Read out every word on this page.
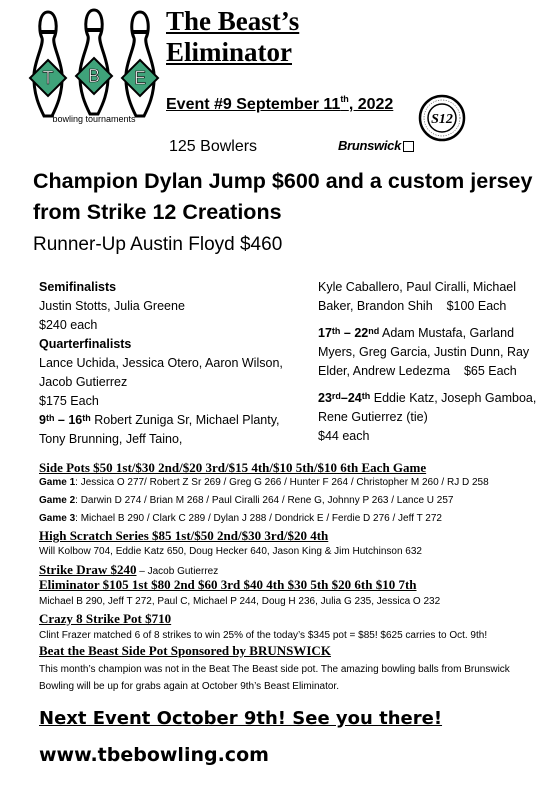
T B E
bowling tournaments
The Beast’s
Eliminator
Event #9 September 11th, 2022
S12
125 Bowlers	Brunswick
Champion Dylan Jump $600 and a custom jersey from Strike 12 Creations
Runner-Up Austin Floyd $460
Semifinalists
Justin Stotts, Julia Greene
$240 each
Quarterfinalists
Lance Uchida, Jessica Otero, Aaron Wilson, Jacob Gutierrez
$175 Each
9th – 16th Robert Zuniga Sr, Michael Planty, Tony Brunning, Jeff Taino,
Kyle Caballero, Paul Ciralli, Michael Baker, Brandon Shih $100 Each
17th – 22nd Adam Mustafa, Garland Myers, Greg Garcia, Justin Dunn, Ray Elder, Andrew Ledezma $65 Each
23rd–24th Eddie Katz, Joseph Gamboa, Rene Gutierrez (tie)
$44 each
Side Pots $50 1st/$30 2nd/$20 3rd/$15 4th/$10 5th/$10 6th Each Game
Game 1: Jessica O 277/ Robert Z Sr 269 / Greg G 266 / Hunter F 264 / Christopher M 260 / RJ D 258
Game 2: Darwin D 274 / Brian M 268 / Paul Ciralli 264 / Rene G, Johnny P 263 / Lance U 257
Game 3: Michael B 290 / Clark C 289 / Dylan J 288 / Dondrick E / Ferdie D 276 / Jeff T 272
High Scratch Series $85 1st/$50 2nd/$30 3rd/$20 4th
Will Kolbow 704, Eddie Katz 650, Doug Hecker 640, Jason King & Jim Hutchinson 632
Strike Draw $240 – Jacob Gutierrez
Eliminator $105 1st $80 2nd $60 3rd $40 4th $30 5th $20 6th $10 7th
Michael B 290, Jeff T 272, Paul C, Michael P 244, Doug H 236, Julia G 235, Jessica O 232
Crazy 8 Strike Pot $710
Clint Frazer matched 6 of 8 strikes to win 25% of the today’s $345 pot = $85! $625 carries to Oct. 9th!
Beat the Beast Side Pot Sponsored by BRUNSWICK
This month’s champion was not in the Beat The Beast side pot. The amazing bowling balls from Brunswick Bowling will be up for grabs again at October 9th’s Beast Eliminator.
Next Event October 9th! See you there!
www.tbebowling.com
